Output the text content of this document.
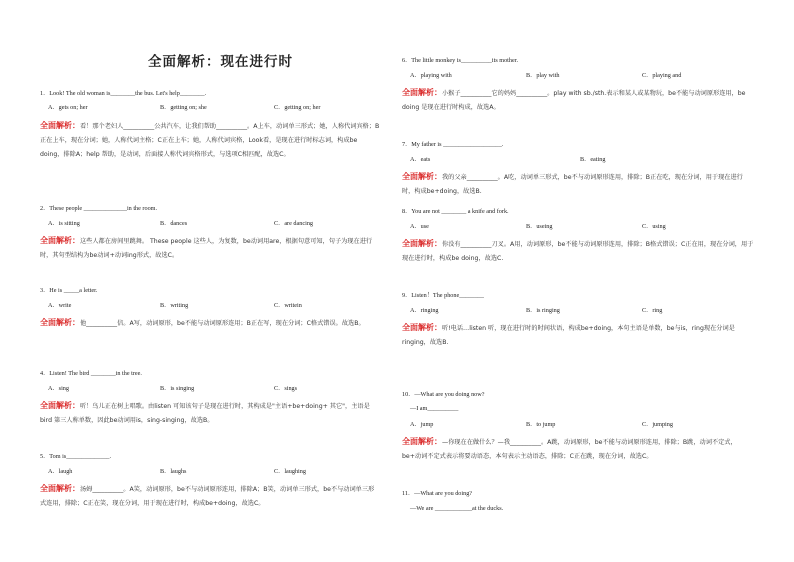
全面解析：现在进行时
1．Look! The old woman is________the bus. Let's help________.
A．gets on; her	B．getting on; she	C．getting on; her
全面解析：看！那个老妇人__________公共汽车，让我们帮助__________。A上车，动词单三形式；她，人称代词宾格；B正在上车，现在分词；她，人称代词主格；C正在上车；她，人称代词宾格，Look看，是现在进行时标志词，构成be doing，排除A；help 帮助，是动词，后面接人称代词宾格形式，与选项C相匹配，故选C。
2．These people ______________in the room.
A．is sitting	B．dances	C．are dancing
全面解析：这些人都在房间里跳舞。 These people 这些人，为复数，be动词用are，根据句意可知，句子为现在进行时，其句型结构为be动词+动词ing形式，故选C。
3．He is _____a letter.
A．write	B．writing	C．writein
全面解析：他__________信。A写，动词原形，be不能与动词原形连用；B正在写，现在分词；C格式错误。故选B。
4．Listen! The bird ________in the tree.
A．sing	B．is singing	C．sings
全面解析：听！鸟儿正在树上唱歌。由listen 可知该句子是现在进行时，其构成是"主语+be+doing+ 其它"，主语是bird 第三人称单数，因此be动词用is，sing-singing，故选B。
5．Tom is______________.
A．laugh	B．laughs	C．laughing
全面解析：汤姆__________。A笑，动词原形，be不与动词原形连用，排除A；B笑，动词单三形式，be不与动词单三形式连用，排除；C正在笑，现在分词，用于现在进行时，构成be+doing，故选C。
6．The little monkey is__________its mother.
A．playing with	B．play with	C．playing and
全面解析：小猴子__________它的妈妈__________。play with sb./sth.表示和某人或某物玩，be不能与动词原形连用，be doing 是现在进行时构成，故选A。
7．My father is ___________________.
A．eats	B．eating
全面解析：我的父亲__________。A吃，动词单三形式，be不与动词原形连用，排除；B正在吃，现在分词，用于现在进行时，构成be+doing，故选B.
8．You are not ________ a knife and fork.
A．use	B．useing	C．using
全面解析：你没有__________刀叉。A用，动词原形，be不能与动词原形连用，排除；B格式错误；C正在用，现在分词，用于现在进行时，构成be doing，故选C.
9．Listen！The phone________
A．ringing	B．is ringing	C．ring
全面解析：听!电话…listen 听，现在进行时的时间状语，构成be+doing，本句主语是单数，be与is，ring现在分词是ringing，故选B.
10．—What are you doing now?
—I am__________
A．jump	B．to jump	C．jumping
全面解析：—你现在在做什么？—我__________。A跳，动词原形，be不能与动词原形连用，排除；B跳，动词不定式，be+动词不定式表示将要动语态，本句表示主动语态，排除；C正在跳，现在分词，故选C。
11．—What are you doing?
—We are ____________at the ducks.
